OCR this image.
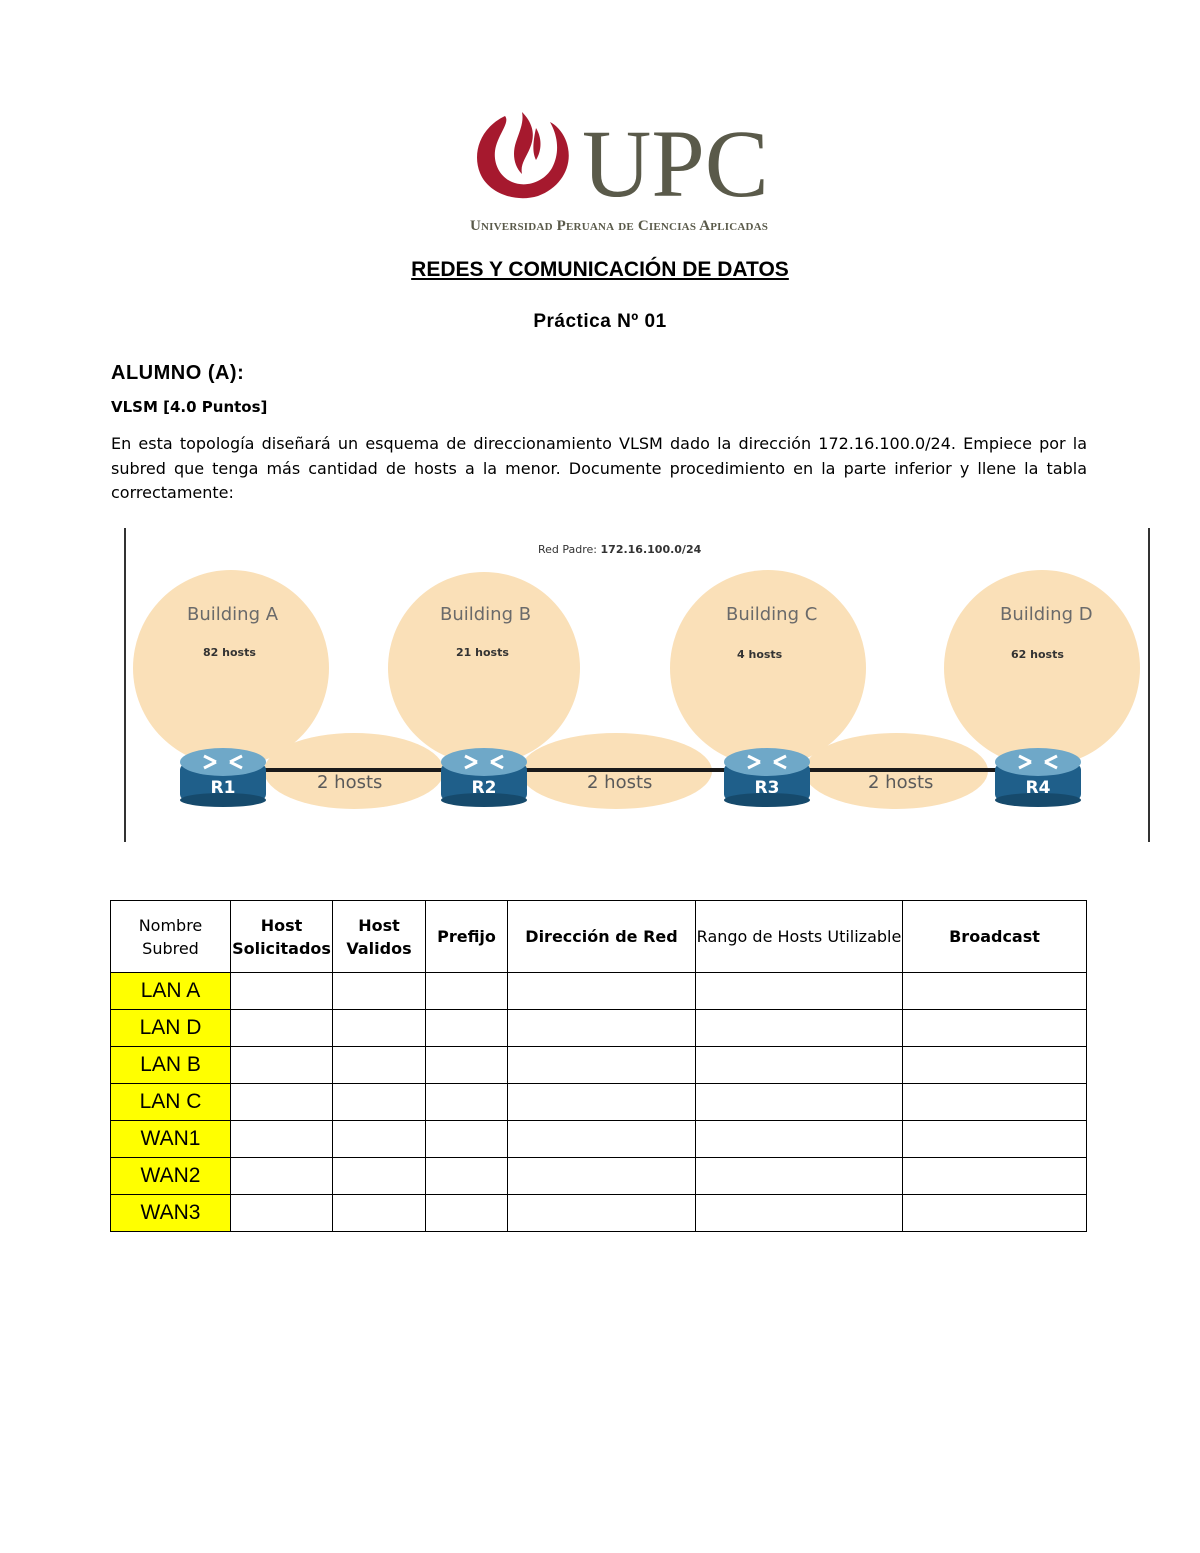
UPC
Universidad Peruana de Ciencias Aplicadas
REDES Y COMUNICACIÓN DE DATOS
Práctica Nº 01
ALUMNO (A):
VLSM [4.0 Puntos]
En esta topología diseñará un esquema de direccionamiento VLSM dado la dirección 172.16.100.0/24. Empiece por la subred que tenga más cantidad de hosts a la menor. Documente procedimiento en la parte inferior y llene la tabla correctamente:
Red Padre: 172.16.100.0/24
Building A
82 hosts
Building B
21 hosts
Building C
4 hosts
Building D
62 hosts
2 hosts	2 hosts	2 hosts
R1	R2	R3	R4
Nombre Subred	Host Solicitados	Host Validos	Prefijo	Dirección de Red	Rango de Hosts Utilizable	Broadcast
LAN A						
LAN D						
LAN B						
LAN C						
WAN1						
WAN2						
WAN3						
